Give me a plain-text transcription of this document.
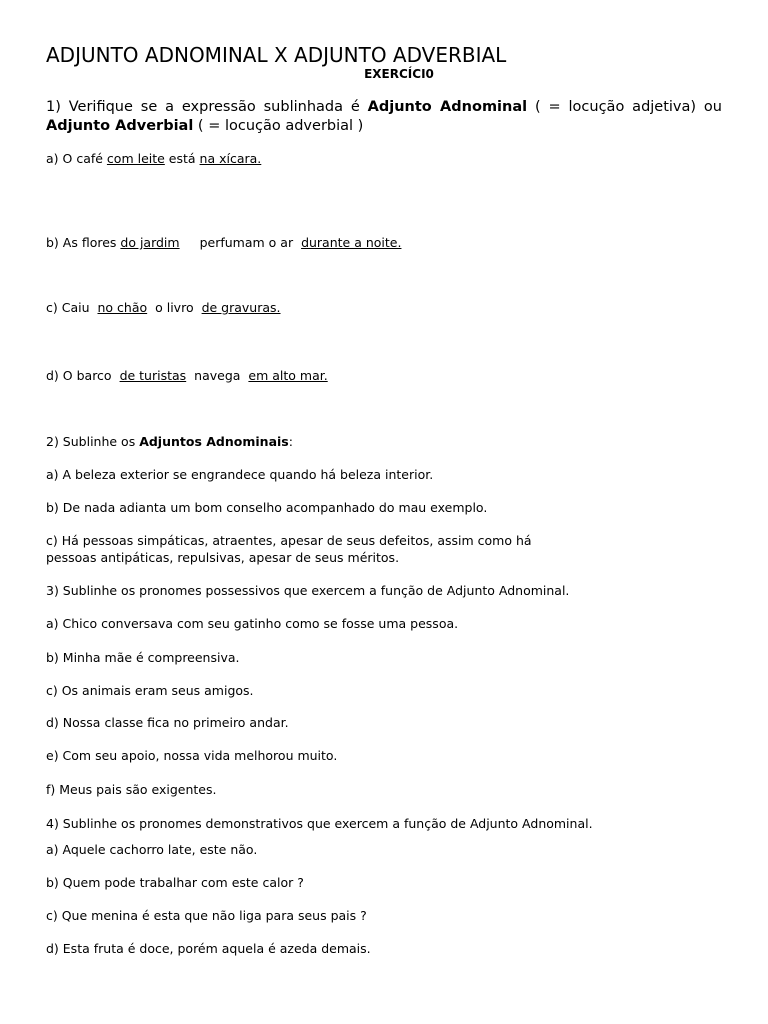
ADJUNTO ADNOMINAL X ADJUNTO ADVERBIAL
EXERCÍCI0
1) Verifique se a expressão sublinhada é Adjunto Adnominal ( = locução adjetiva) ou Adjunto Adverbial ( = locução adverbial )
a) O café com leite está na xícara.
b) As flores do jardim perfumam o ar durante a noite.
c) Caiu no chão o livro de gravuras.
d) O barco de turistas navega em alto mar.
2) Sublinhe os Adjuntos Adnominais:
a) A beleza exterior se engrandece quando há beleza interior.
b) De nada adianta um bom conselho acompanhado do mau exemplo.
c) Há pessoas simpáticas, atraentes, apesar de seus defeitos, assim como há
pessoas antipáticas, repulsivas, apesar de seus méritos.
3) Sublinhe os pronomes possessivos que exercem a função de Adjunto Adnominal.
a) Chico conversava com seu gatinho como se fosse uma pessoa.
b) Minha mãe é compreensiva.
c) Os animais eram seus amigos.
d) Nossa classe fica no primeiro andar.
e) Com seu apoio, nossa vida melhorou muito.
f) Meus pais são exigentes.
4) Sublinhe os pronomes demonstrativos que exercem a função de Adjunto Adnominal.
a) Aquele cachorro late, este não.
b) Quem pode trabalhar com este calor ?
c) Que menina é esta que não liga para seus pais ?
d) Esta fruta é doce, porém aquela é azeda demais.
